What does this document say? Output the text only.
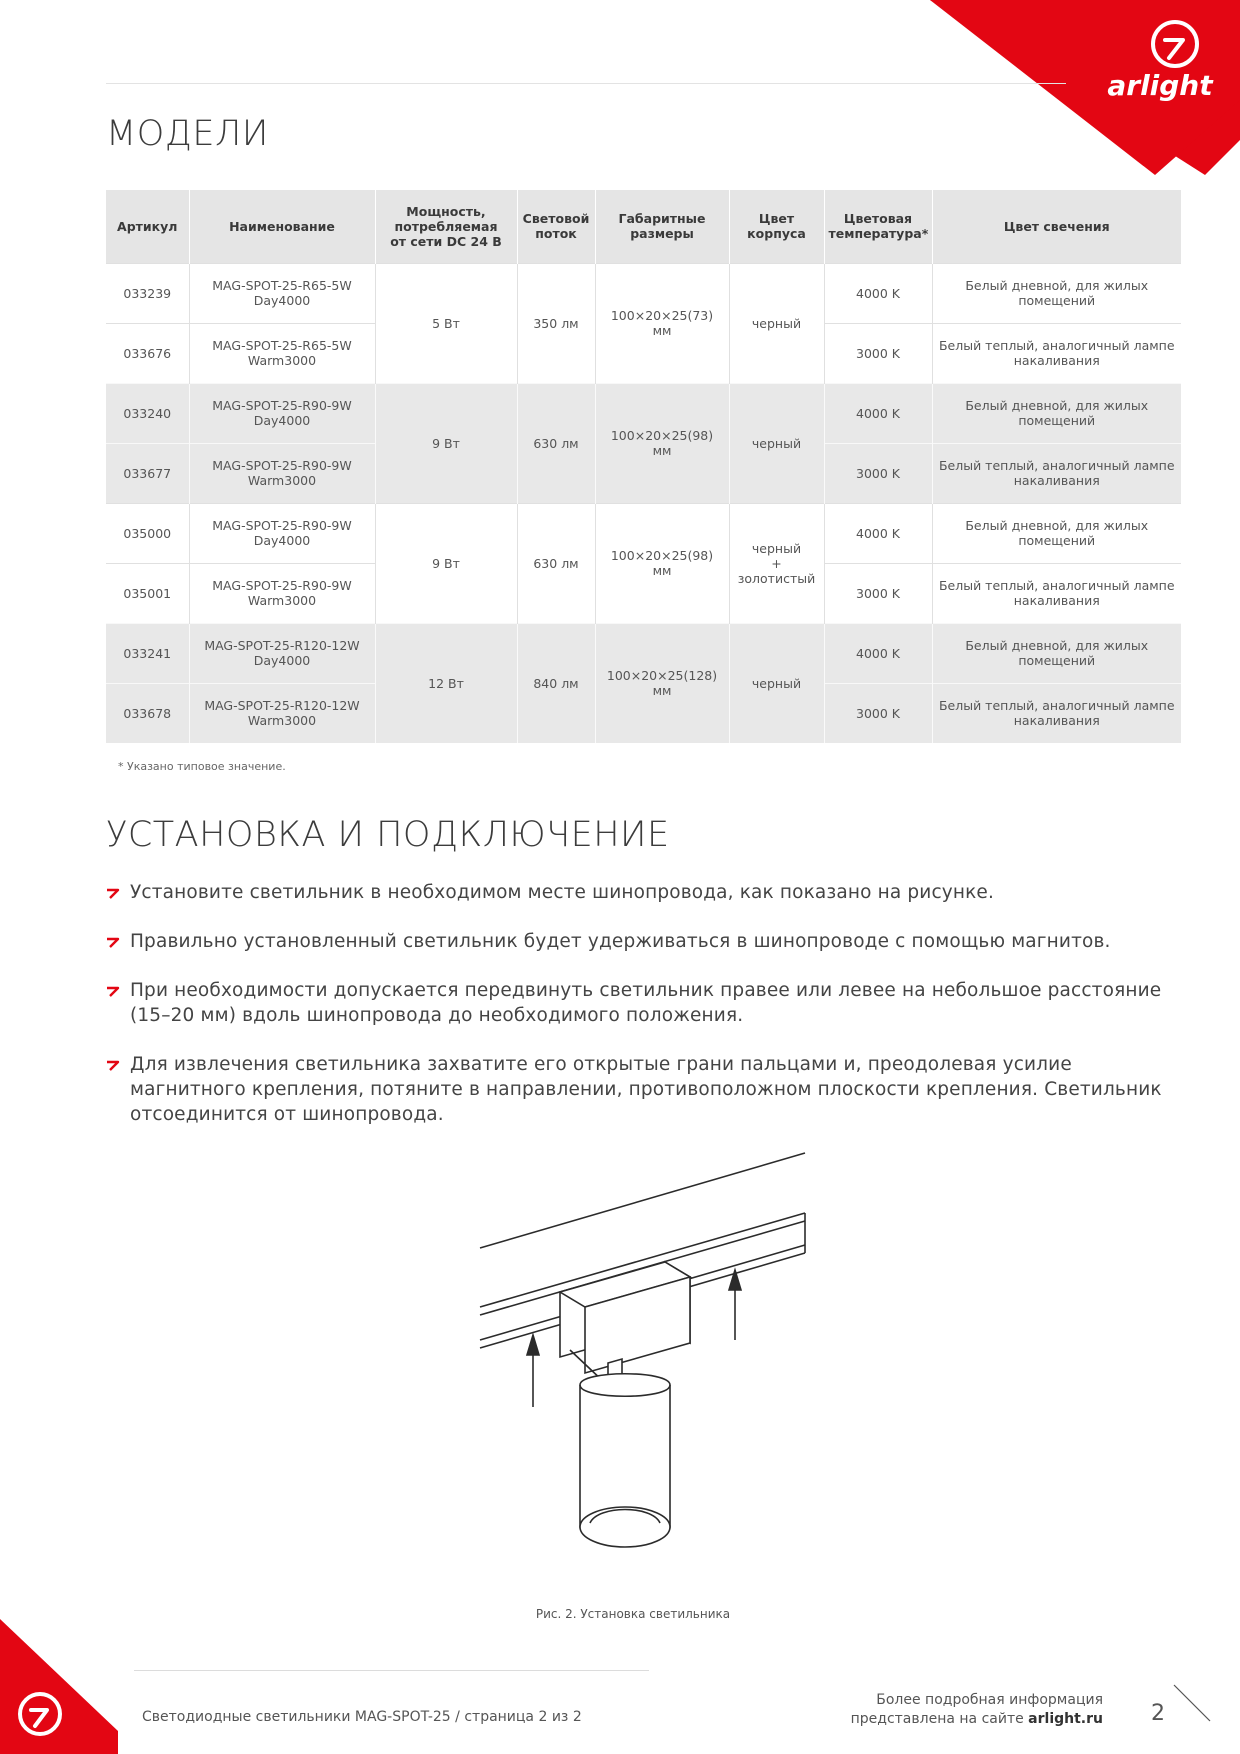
arlight
МОДЕЛИ
Артикул	Наименование	Мощность,
потребляемая
от сети DC 24 В	Световой
поток	Габаритные
размеры	Цвет
корпуса	Цветовая
температура*	Цвет свечения
033239	MAG-SPOT-25-R65-5W
Day4000	5 Вт	350 лм	100×20×25(73) мм	черный	4000 K	Белый дневной, для жилых
помещений
033676	MAG-SPOT-25-R65-5W
Warm3000					3000 K	Белый теплый, аналогичный лампе
накаливания
033240	MAG-SPOT-25-R90-9W
Day4000	9 Вт	630 лм	100×20×25(98) мм	черный	4000 K	Белый дневной, для жилых
помещений
033677	MAG-SPOT-25-R90-9W
Warm3000					3000 K	Белый теплый, аналогичный лампе
накаливания
035000	MAG-SPOT-25-R90-9W
Day4000	9 Вт	630 лм	100×20×25(98) мм	черный
+
золотистый	4000 K	Белый дневной, для жилых
помещений
035001	MAG-SPOT-25-R90-9W
Warm3000					3000 K	Белый теплый, аналогичный лампе
накаливания
033241	MAG-SPOT-25-R120-12W
Day4000	12 Вт	840 лм	100×20×25(128) мм	черный	4000 K	Белый дневной, для жилых
помещений
033678	MAG-SPOT-25-R120-12W
Warm3000					3000 K	Белый теплый, аналогичный лампе
накаливания
* Указано типовое значение.
УСТАНОВКА И ПОДКЛЮЧЕНИЕ
Установите светильник в необходимом месте шинопровода, как показано на рисунке.
Правильно установленный светильник будет удерживаться в шинопроводе с помощью магнитов.
При необходимости допускается передвинуть светильник правее или левее на небольшое расстояние (15–20 мм) вдоль шинопровода до необходимого положения.
Для извлечения светильника захватите его открытые грани пальцами и, преодолевая усилие магнитного крепления, потяните в направлении, противоположном плоскости крепления. Светильник отсоединится от шинопровода.
Рис. 2. Установка светильника
Светодиодные светильники MAG-SPOT-25 / страница 2 из 2
Более подробная информация
представлена на сайте arlight.ru 2
